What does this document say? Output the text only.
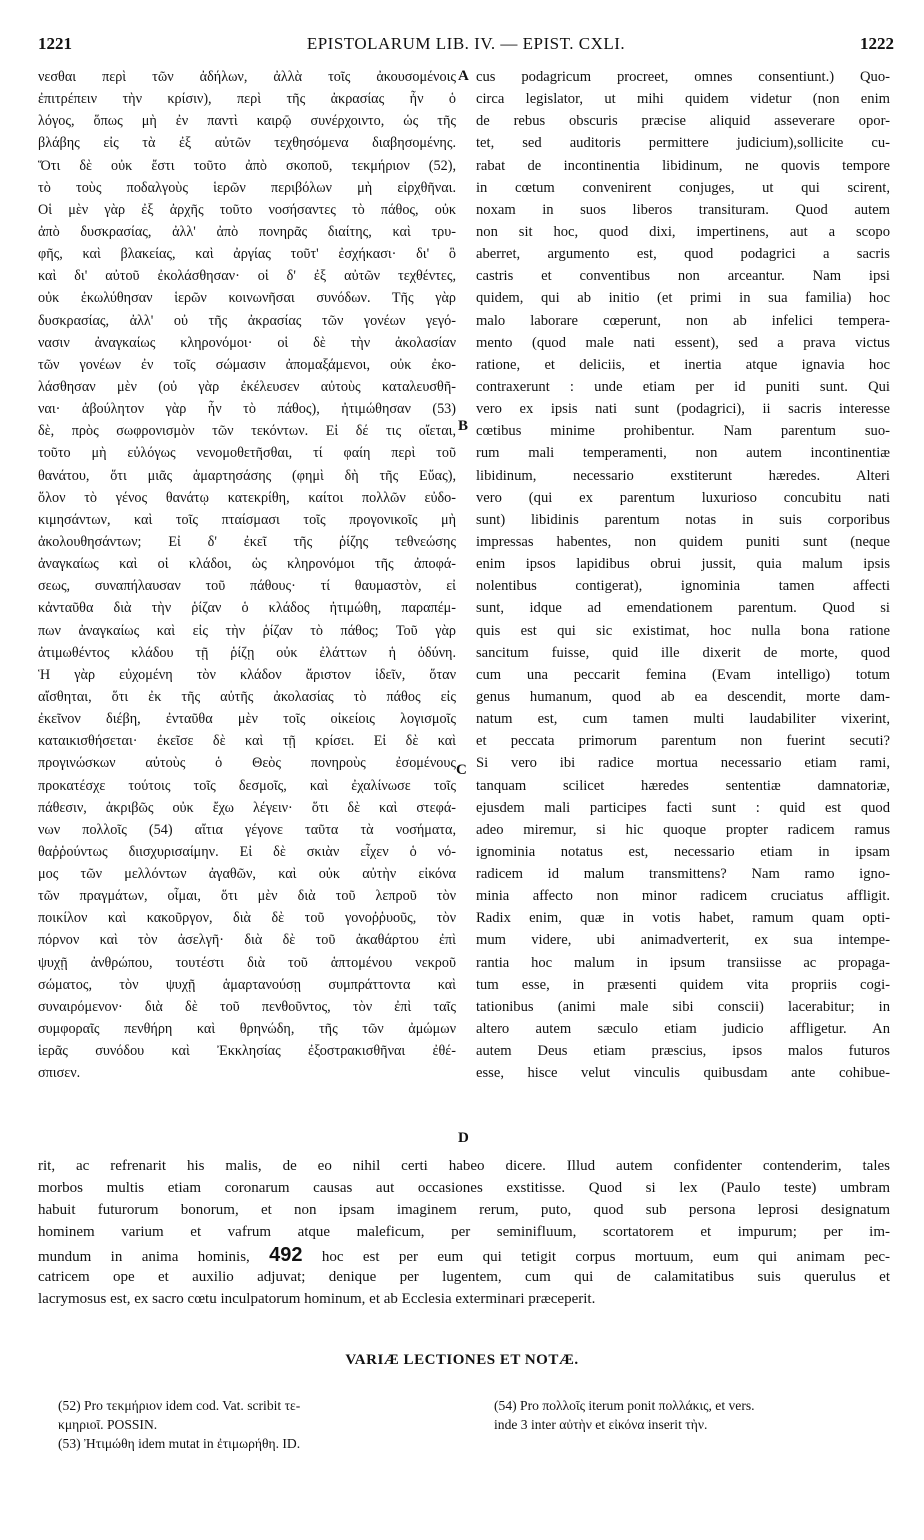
1221	EPISTOLARUM LIB. IV. — EPIST. CXLI.	1222
νεσθαι περὶ τῶν ἀδήλων, ἀλλὰ τοῖς ἀκουσομένοις
ἐπιτρέπειν τὴν κρίσιν), περὶ τῆς ἀκρασίας ἦν ὁ
λόγος, ὅπως μὴ ἐν παντὶ καιρῷ συνέρχοιντο, ὡς τῆς
βλάβης εἰς τὰ ἐξ αὐτῶν τεχθησόμενα διαβησομένης.
Ὅτι δὲ οὐκ ἔστι τοῦτο ἀπὸ σκοποῦ, τεκμήριον (52),
τὸ τοὺς ποδαλγοὺς ἱερῶν περιβόλων μὴ εἰρχθῆναι.
Οἱ μὲν γὰρ ἐξ ἀρχῆς τοῦτο νοσήσαντες τὸ πάθος, οὐκ
ἀπὸ δυσκρασίας, ἀλλ' ἀπὸ πονηρᾶς διαίτης, καὶ τρυ-
φῆς, καὶ βλακείας, καὶ ἀργίας τοῦτ' ἐσχήκασι· δι' ὃ
καὶ δι' αὐτοῦ ἐκολάσθησαν· οἱ δ' ἐξ αὐτῶν τεχθέντες,
οὐκ ἐκωλύθησαν ἱερῶν κοινωνῆσαι συνόδων. Τῆς γὰρ
δυσκρασίας, ἀλλ' οὐ τῆς ἀκρασίας τῶν γονέων γεγό-
νασιν ἀναγκαίως κληρονόμοι· οἱ δὲ τὴν ἀκολασίαν
τῶν γονέων ἐν τοῖς σώμασιν ἀπομαξάμενοι, οὐκ ἐκο-
λάσθησαν μὲν (οὐ γὰρ ἐκέλευσεν αὐτοὺς καταλευσθῆ-
ναι· ἀβούλητον γὰρ ἦν τὸ πάθος), ἠτιμώθησαν (53)
δὲ, πρὸς σωφρονισμὸν τῶν τεκόντων. Εἰ δέ τις οἴεται,
τοῦτο μὴ εὐλόγως νενομοθετῆσθαι, τί φαίη περὶ τοῦ
θανάτου, ὅτι μιᾶς ἁμαρτησάσης (φημὶ δὴ τῆς Εὔας),
ὅλον τὸ γένος θανάτῳ κατεκρίθη, καίτοι πολλῶν εὐδο-
κιμησάντων, καὶ τοῖς πταίσμασι τοῖς προγονικοῖς μὴ
ἀκολουθησάντων; Εἰ δ' ἐκεῖ τῆς ῥίζης τεθνεώσης
ἀναγκαίως καὶ οἱ κλάδοι, ὡς κληρονόμοι τῆς ἀποφά-
σεως, συναπήλαυσαν τοῦ πάθους· τί θαυμαστὸν, εἰ
κἀνταῦθα διὰ τὴν ῥίζαν ὁ κλάδος ἠτιμώθη, παραπέμ-
πων ἀναγκαίως καὶ εἰς τὴν ῥίζαν τὸ πάθος; Τοῦ γὰρ
ἀτιμωθέντος κλάδου τῇ ῥίζῃ οὐκ ἐλάττων ἡ ὀδύνη.
Ἡ γὰρ εὐχομένη τὸν κλάδον ἄριστον ἰδεῖν, ὅταν
αἴσθηται, ὅτι ἐκ τῆς αὐτῆς ἀκολασίας τὸ πάθος εἰς
ἐκεῖνον διέβη, ἐνταῦθα μὲν τοῖς οἰκείοις λογισμοῖς
καταικισθήσεται· ἐκεῖσε δὲ καὶ τῇ κρίσει. Εἰ δὲ καὶ
προγινώσκων αὐτοὺς ὁ Θεὸς πονηροὺς ἐσομένους
προκατέσχε τούτοις τοῖς δεσμοῖς, καὶ ἐχαλίνωσε τοῖς
πάθεσιν, ἀκριβῶς οὐκ ἔχω λέγειν· ὅτι δὲ καὶ στεφά-
νων πολλοῖς (54) αἴτια γέγονε ταῦτα τὰ νοσήματα,
θαῤῥούντως διισχυρισαίμην. Εἰ δὲ σκιὰν εἶχεν ὁ νό-
μος τῶν μελλόντων ἀγαθῶν, καὶ οὐκ αὐτὴν εἰκόνα
τῶν πραγμάτων, οἶμαι, ὅτι μὲν διὰ τοῦ λεπροῦ τὸν
ποικίλον καὶ κακοῦργον, διὰ δὲ τοῦ γονοῤῥυοῦς, τὸν
πόρνον καὶ τὸν ἀσελγῆ· διὰ δὲ τοῦ ἀκαθάρτου ἐπὶ
ψυχῇ ἀνθρώπου, τουτέστι διὰ τοῦ ἁπτομένου νεκροῦ
σώματος, τὸν ψυχῇ ἁμαρτανούσῃ συμπράττοντα καὶ
συναιρόμενον· διὰ δὲ τοῦ πενθοῦντος, τὸν ἐπὶ ταῖς
συμφοραῖς πενθήρη καὶ θρηνώδη, τῆς τῶν ἀμώμων
ἱερᾶς συνόδου καὶ Ἐκκλησίας ἐξοστρακισθῆναι ἐθέ-
σπισεν.
cus podagricum procreet, omnes consentiunt.) Quo-
circa legislator, ut mihi quidem videtur (non enim
de rebus obscuris præcise aliquid asseverare opor-
tet, sed auditoris permittere judicium),sollicite cu-
rabat de incontinentia libidinum, ne quovis tempore
in cœtum convenirent conjuges, ut qui scirent,
noxam in suos liberos transituram. Quod autem
non sit hoc, quod dixi, impertinens, aut a scopo
aberret, argumento est, quod podagrici a sacris
castris et conventibus non arceantur. Nam ipsi
quidem, qui ab initio (et primi in sua familia) hoc
malo laborare cœperunt, non ab infelici tempera-
mento (quod male nati essent), sed a prava victus
ratione, et deliciis, et inertia atque ignavia hoc
contraxerunt : unde etiam per id puniti sunt. Qui
vero ex ipsis nati sunt (podagrici), ii sacris interesse
cœtibus minime prohibentur. Nam parentum suo-
rum mali temperamenti, non autem incontinentiæ
libidinum, necessario exstiterunt hæredes. Alteri
vero (qui ex parentum luxurioso concubitu nati
sunt) libidinis parentum notas in suis corporibus
impressas habentes, non quidem puniti sunt (neque
enim ipsos lapidibus obrui jussit, quia malum ipsis
nolentibus contigerat), ignominia tamen affecti
sunt, idque ad emendationem parentum. Quod si
quis est qui sic existimat, hoc nulla bona ratione
sancitum fuisse, quid ille dixerit de morte, quod
cum una peccarit femina (Evam intelligo) totum
genus humanum, quod ab ea descendit, morte dam-
natum est, cum tamen multi laudabiliter vixerint,
et peccata primorum parentum non fuerint secuti?
Si vero ibi radice mortua necessario etiam rami,
tanquam scilicet hæredes sententiæ damnatoriæ,
ejusdem mali participes facti sunt : quid est quod
adeo miremur, si hic quoque propter radicem ramus
ignominia notatus est, necessario etiam in ipsam
radicem id malum transmittens? Nam ramo igno-
minia affecto non minor radicem cruciatus affligit.
Radix enim, quæ in votis habet, ramum quam opti-
mum videre, ubi animadverterit, ex sua intempe-
rantia hoc malum in ipsum transiisse ac propaga-
tum esse, in præsenti quidem vita propriis cogi-
tationibus (animi male sibi conscii) lacerabitur; in
altero autem sæculo etiam judicio affligetur. An
autem Deus etiam præscius, ipsos malos futuros
esse, hisce velut vinculis quibusdam ante cohibue-
A
B
C
D
rit, ac refrenarit his malis, de eo nihil certi habeo dicere. Illud autem confidenter contenderim, tales
morbos multis etiam coronarum causas aut occasiones exstitisse. Quod si lex (Paulo teste) umbram
habuit futurorum bonorum, et non ipsam imaginem rerum, puto, quod sub persona leprosi designatum
hominem varium et vafrum atque maleficum, per seminifluum, scortatorem et impurum; per im-
mundum in anima hominis, 492 hoc est per eum qui tetigit corpus mortuum, eum qui animam pec-
catricem ope et auxilio adjuvat; denique per lugentem, cum qui de calamitatibus suis querulus et
lacrymosus est, ex sacro cœtu inculpatorum hominum, et ab Ecclesia exterminari præceperit.
VARIÆ LECTIONES ET NOTÆ.
(52) Pro τεκμήριον idem cod. Vat. scribit τε-
κμηριοῖ. POSSIN.
(53) Ἠτιμώθη idem mutat in ἐτιμωρήθη. ID.
(54) Pro πολλοῖς iterum ponit πολλάκις, et vers.
inde 3 inter αὐτὴν et εἰκόνα inserit τὴν.
